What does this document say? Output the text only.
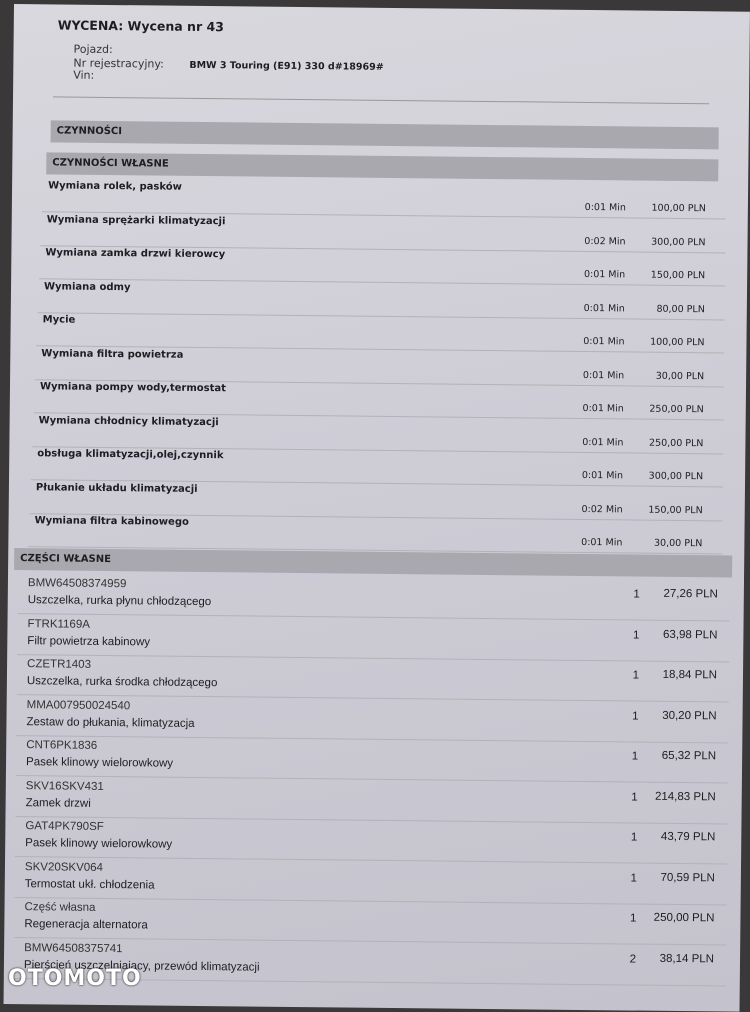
WYCENA: Wycena nr 43
Pojazd:
Nr rejestracyjny:
Vin:
BMW 3 Touring (E91) 330 d#18969#
CZYNNOŚCI
CZYNNOŚCI WŁASNE
Wymiana rolek, pasków
0:01 Min	100,00 PLN
Wymiana sprężarki klimatyzacji
0:02 Min	300,00 PLN
Wymiana zamka drzwi kierowcy
0:01 Min	150,00 PLN
Wymiana odmy
0:01 Min	80,00 PLN
Mycie
0:01 Min	100,00 PLN
Wymiana filtra powietrza
0:01 Min	30,00 PLN
Wymiana pompy wody,termostat
0:01 Min	250,00 PLN
Wymiana chłodnicy klimatyzacji
0:01 Min	250,00 PLN
obsługa klimatyzacji,olej,czynnik
0:01 Min	300,00 PLN
Płukanie układu klimatyzacji
0:02 Min	150,00 PLN
Wymiana filtra kabinowego
0:01 Min	30,00 PLN
CZĘŚCI WŁASNE
BMW64508374959
Uszczelka, rurka płynu chłodzącego	1 27,26 PLN
FTRK1169A
Filtr powietrza kabinowy	1 63,98 PLN
CZETR1403
Uszczelka, rurka środka chłodzącego	1 18,84 PLN
MMA007950024540
Zestaw do płukania, klimatyzacja	1 30,20 PLN
CNT6PK1836
Pasek klinowy wielorowkowy	1 65,32 PLN
SKV16SKV431
Zamek drzwi	1 214,83 PLN
GAT4PK790SF
Pasek klinowy wielorowkowy	1 43,79 PLN
SKV20SKV064
Termostat ukł. chłodzenia	1 70,59 PLN
Część własna
Regeneracja alternatora	1 250,00 PLN
BMW64508375741
Pierścień uszczelniający, przewód klimatyzacji	2 38,14 PLN
OTOMOTO
